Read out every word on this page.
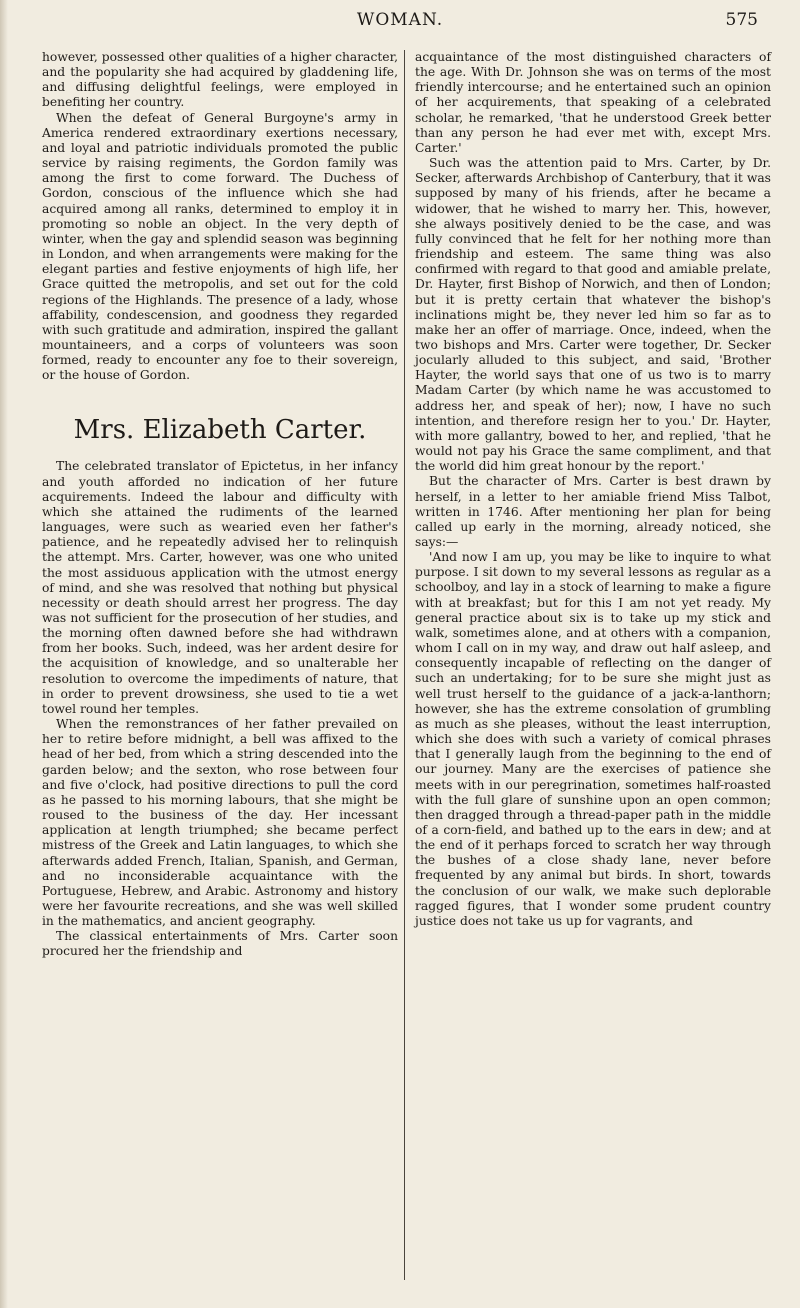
WOMAN.	575

however, possessed other qualities of a higher character, and the popularity she had acquired by gladdening life, and diffusing delightful feelings, were employed in benefiting her country.

When the defeat of General Burgoyne's army in America rendered extraordinary exertions necessary, and loyal and patriotic individuals promoted the public service by raising regiments, the Gordon family was among the first to come forward. The Duchess of Gordon, conscious of the influence which she had acquired among all ranks, determined to employ it in promoting so noble an object. In the very depth of winter, when the gay and splendid season was beginning in London, and when arrangements were making for the elegant parties and festive enjoyments of high life, her Grace quitted the metropolis, and set out for the cold regions of the Highlands. The presence of a lady, whose affability, condescension, and goodness they regarded with such gratitude and admiration, inspired the gallant mountaineers, and a corps of volunteers was soon formed, ready to encounter any foe to their sovereign, or the house of Gordon.

Mrs. Elizabeth Carter.

The celebrated translator of Epictetus, in her infancy and youth afforded no indication of her future acquirements. Indeed the labour and difficulty with which she attained the rudiments of the learned languages, were such as wearied even her father's patience, and he repeatedly advised her to relinquish the attempt. Mrs. Carter, however, was one who united the most assiduous application with the utmost energy of mind, and she was resolved that nothing but physical necessity or death should arrest her progress. The day was not sufficient for the prosecution of her studies, and the morning often dawned before she had withdrawn from her books. Such, indeed, was her ardent desire for the acquisition of knowledge, and so unalterable her resolution to overcome the impediments of nature, that in order to prevent drowsiness, she used to tie a wet towel round her temples.

When the remonstrances of her father prevailed on her to retire before midnight, a bell was affixed to the head of her bed, from which a string descended into the garden below; and the sexton, who rose between four and five o'clock, had positive directions to pull the cord as he passed to his morning labours, that she might be roused to the business of the day. Her incessant application at length triumphed; she became perfect mistress of the Greek and Latin languages, to which she afterwards added French, Italian, Spanish, and German, and no inconsiderable acquaintance with the Portuguese, Hebrew, and Arabic. Astronomy and history were her favourite recreations, and she was well skilled in the mathematics, and ancient geography.

The classical entertainments of Mrs. Carter soon procured her the friendship and

acquaintance of the most distinguished characters of the age. With Dr. Johnson she was on terms of the most friendly intercourse; and he entertained such an opinion of her acquirements, that speaking of a celebrated scholar, he remarked, 'that he understood Greek better than any person he had ever met with, except Mrs. Carter.'

Such was the attention paid to Mrs. Carter, by Dr. Secker, afterwards Archbishop of Canterbury, that it was supposed by many of his friends, after he became a widower, that he wished to marry her. This, however, she always positively denied to be the case, and was fully convinced that he felt for her nothing more than friendship and esteem. The same thing was also confirmed with regard to that good and amiable prelate, Dr. Hayter, first Bishop of Norwich, and then of London; but it is pretty certain that whatever the bishop's inclinations might be, they never led him so far as to make her an offer of marriage. Once, indeed, when the two bishops and Mrs. Carter were together, Dr. Secker jocularly alluded to this subject, and said, 'Brother Hayter, the world says that one of us two is to marry Madam Carter (by which name he was accustomed to address her, and speak of her); now, I have no such intention, and therefore resign her to you.' Dr. Hayter, with more gallantry, bowed to her, and replied, 'that he would not pay his Grace the same compliment, and that the world did him great honour by the report.'

But the character of Mrs. Carter is best drawn by herself, in a letter to her amiable friend Miss Talbot, written in 1746. After mentioning her plan for being called up early in the morning, already noticed, she says:—

'And now I am up, you may be like to inquire to what purpose. I sit down to my several lessons as regular as a schoolboy, and lay in a stock of learning to make a figure with at breakfast; but for this I am not yet ready. My general practice about six is to take up my stick and walk, sometimes alone, and at others with a companion, whom I call on in my way, and draw out half asleep, and consequently incapable of reflecting on the danger of such an undertaking; for to be sure she might just as well trust herself to the guidance of a jack-a-lanthorn; however, she has the extreme consolation of grumbling as much as she pleases, without the least interruption, which she does with such a variety of comical phrases that I generally laugh from the beginning to the end of our journey. Many are the exercises of patience she meets with in our peregrination, sometimes half-roasted with the full glare of sunshine upon an open common; then dragged through a thread-paper path in the middle of a corn-field, and bathed up to the ears in dew; and at the end of it perhaps forced to scratch her way through the bushes of a close shady lane, never before frequented by any animal but birds. In short, towards the conclusion of our walk, we make such deplorable ragged figures, that I wonder some prudent country justice does not take us up for vagrants, and
